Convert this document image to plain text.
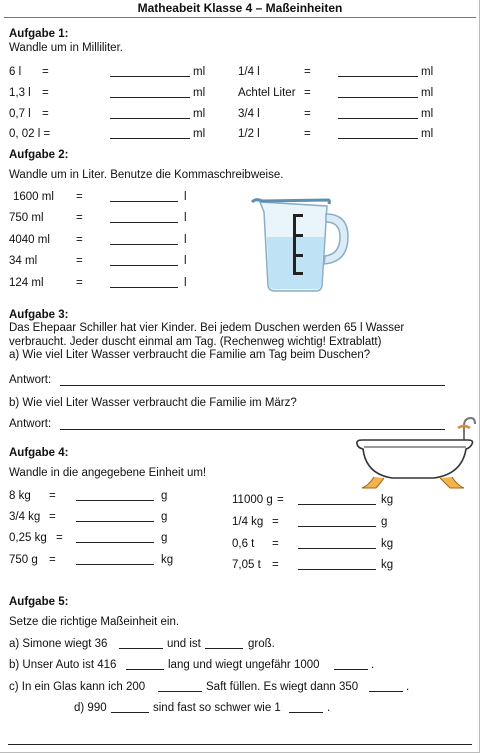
Matheabeit Klasse 4 – Maßeinheiten
Aufgabe 1:
Wandle um in Milliliter.
6 l =	ml
1,3 l =	ml
0,7 l =	ml
0, 02 l =	ml
1/4 l	=	ml
Achtel Liter =	ml
3/4 l	=	ml
1/2 l	=	ml
Aufgabe 2:
Wandle um in Liter. Benutze die Kommaschreibweise.
1600 ml =	l
750 ml	=	l
4040 ml =	l
34 ml	=	l
124 ml	=	l
Aufgabe 3:
Das Ehepaar Schiller hat vier Kinder. Bei jedem Duschen werden 65 l Wasser
verbraucht. Jeder duscht einmal am Tag. (Rechenweg wichtig! Extrablatt)
a) Wie viel Liter Wasser verbraucht die Familie am Tag beim Duschen?
Antwort:
b) Wie viel Liter Wasser verbraucht die Familie im März?
Antwort:
Aufgabe 4:
Wandle in die angegebene Einheit um!
8 kg =	g
3/4 kg =	g
0,25 kg =	g
750 g =	kg
11000 g =	kg
1/4 kg =	g
0,6 t =	kg
7,05 t =	kg
Aufgabe 5:
Setze die richtige Maßeinheit ein.
a) Simone wiegt 36	und ist	groß.
b) Unser Auto ist 416	lang und wiegt ungefähr 1000	.
c) In ein Glas kann ich 200	Saft füllen. Es wiegt dann 350	.
d) 990	sind fast so schwer wie 1	.
